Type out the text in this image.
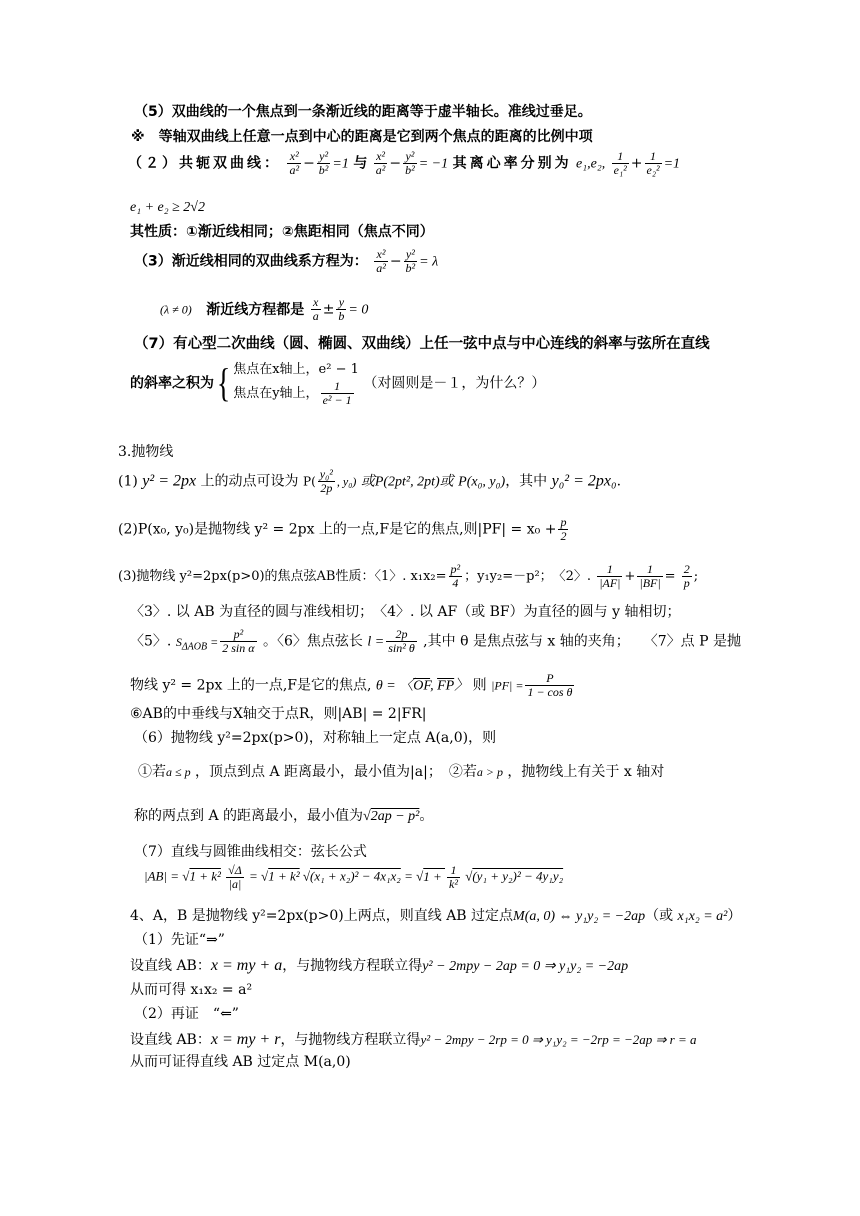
（5）双曲线的一个焦点到一条渐近线的距离等于虚半轴长。准线过垂足。
※　等轴双曲线上任意一点到中心的距离是它到两个焦点的距离的比例中项
（２）共轭双曲线： $\frac{\text{x²}}{\text{a²}} - \frac{\text{y²}}{\text{b²}} =1$ 与 $\frac{\text{x²}}{\text{a²}} - \frac{\text{y²}}{\text{b²}} = -1$ 其离心率分别为 e₁,e₂, $\frac{1}{\text{e₁²}} + \frac{1}{\text{e₂²}} =1$
e₁ + e₂ ≥ 2√2
其性质：①渐近线相同；②焦距相同（焦点不同）
（3）渐近线相同的双曲线系方程为： $\frac{\text{x²}}{\text{a²}} - \frac{\text{y²}}{\text{b²}} = \lambda$
(λ ≠ 0) 渐近线方程都是 $\frac{x}{a} \pm \frac{y}{b} = 0$
（7）有心型二次曲线（圆、椭圆、双曲线）上任一弦中点与中心连线的斜率与弦所在直线
的斜率之积为{ 焦点在x轴上，e² − 1
焦点在y轴上， $\frac{1}{\text{e² − 1}}$ （对圆则是－１，为什么？）
3.抛物线
(1) y² = 2px 上的动点可设为 $P( \frac{\text{y₀²}}{2p}$ , y₀) 或P(2pt², 2pt)或 P(x₀, y₀)，其中 y₀² = 2px₀.
(2)P(x₀, y₀)是抛物线 y² = 2px 上的一点,F是它的焦点,则$|PF| = x_0 + \frac{p}{2}$
(3)抛物线 y²=2px(p>0)的焦点弦AB性质：〈1〉. $x_1x_2= \frac{\text{p²}}{4}$ ；y₁y₂=－p²；　〈2〉. $\frac{1}{|AF|} + \frac{1}{|BF|} = \frac{2}{p}$ ;
〈3〉. 以 AB 为直径的圆与准线相切；　〈4〉. 以 AF（或 BF）为直径的圆与 y 轴相切；
〈5〉. $S_{\Delta AOB} = \frac{\text{p²}}{\text{2 sin α}}$ 。〈6〉焦点弦长 $l = \frac{2p}{\text{sin² θ}}$ ,其中 θ 是焦点弦与 x 轴的夹角；　　〈7〉点 P 是抛
物线 y² = 2px 上的一点,F是它的焦点, θ = 〈$\overline{OF}$, $\overline{FP}$〉 则 $|PF| = \frac{P}{\text{1 − cos θ}}$
⑥AB的中垂线与X轴交于点R，则|AB| = 2|FR|
（6）抛物线 y²=2px(p>0)，对称轴上一定点 A(a,0)，则
①若a ≤ p ，顶点到点 A 距离最小，最小值为|a|；　②若a > p ，抛物线上有关于 x 轴对
称的两点到 A 的距离最小，最小值为√2ap − p²。
（7）直线与圆锥曲线相交：弦长公式
$|AB| = √1 + k^2 \frac{√\Delta}{|a|} = √1 + k^2$ $√(x_1 + x_2)^2 - 4x_1x_2 = √1 + \frac{1}{\text{k²}} √(y_1 + y_2)^2 - 4y_1y_2$
4、A，B 是抛物线 y²=2px(p>0)上两点，则直线 AB 过定点M(a, 0) ⇔ y₁y₂ = −2ap（或 x₁x₂ = a²）
（1）先证“⇒”
设直线 AB：x = my + a，与抛物线方程联立得y² − 2mpy − 2ap = 0 ⇒ y₁y₂ = −2ap
从而可得 x₁x₂ = a²
（2）再证　“⇐”
设直线 AB：x = my + r，与抛物线方程联立得y² − 2mpy − 2rp = 0 ⇒ y₁y₂ = −2rp = −2ap ⇒ r = a
从而可证得直线 AB 过定点 M(a,0)
